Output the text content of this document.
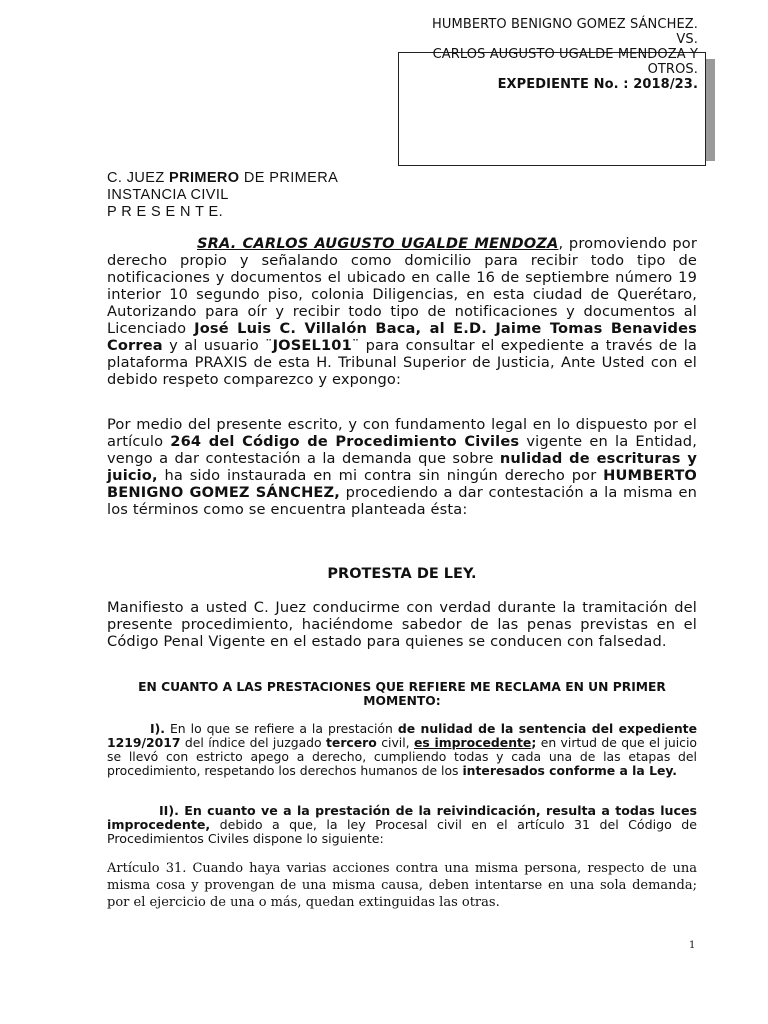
HUMBERTO BENIGNO GOMEZ SÁNCHEZ.
VS.
CARLOS AUGUSTO UGALDE MENDOZA Y
OTROS.
EXPEDIENTE No. : 2018/23.
C. JUEZ PRIMERO DE PRIMERA
INSTANCIA CIVIL
P R E S E N T E.
SRA. CARLOS AUGUSTO UGALDE MENDOZA, promoviendo por derecho propio y señalando como domicilio para recibir todo tipo de notificaciones y documentos el ubicado en calle 16 de septiembre número 19 interior 10 segundo piso, colonia Diligencias, en esta ciudad de Querétaro, Autorizando para oír y recibir todo tipo de notificaciones y documentos al Licenciado José Luis C. Villalón Baca, al E.D. Jaime Tomas Benavides Correa y al usuario ¨JOSEL101¨ para consultar el expediente a través de la plataforma PRAXIS de esta H. Tribunal Superior de Justicia, Ante Usted con el debido respeto comparezco y expongo:
Por medio del presente escrito, y con fundamento legal en lo dispuesto por el artículo 264 del Código de Procedimiento Civiles vigente en la Entidad, vengo a dar contestación a la demanda que sobre nulidad de escrituras y juicio, ha sido instaurada en mi contra sin ningún derecho por HUMBERTO BENIGNO GOMEZ SÁNCHEZ, procediendo a dar contestación a la misma en los términos como se encuentra planteada ésta:
PROTESTA DE LEY.
Manifiesto a usted C. Juez conducirme con verdad durante la tramitación del presente procedimiento, haciéndome sabedor de las penas previstas en el Código Penal Vigente en el estado para quienes se conducen con falsedad.
EN CUANTO A LAS PRESTACIONES QUE REFIERE ME RECLAMA EN UN PRIMER MOMENTO:
I). En lo que se refiere a la prestación de nulidad de la sentencia del expediente 1219/2017 del índice del juzgado tercero civil, es improcedente; en virtud de que el juicio se llevó con estricto apego a derecho, cumpliendo todas y cada una de las etapas del procedimiento, respetando los derechos humanos de los interesados conforme a la Ley.
II). En cuanto ve a la prestación de la reivindicación, resulta a todas luces improcedente, debido a que, la ley Procesal civil en el artículo 31 del Código de Procedimientos Civiles dispone lo siguiente:
Artículo 31. Cuando haya varias acciones contra una misma persona, respecto de una misma cosa y provengan de una misma causa, deben intentarse en una sola demanda; por el ejercicio de una o más, quedan extinguidas las otras.
1
